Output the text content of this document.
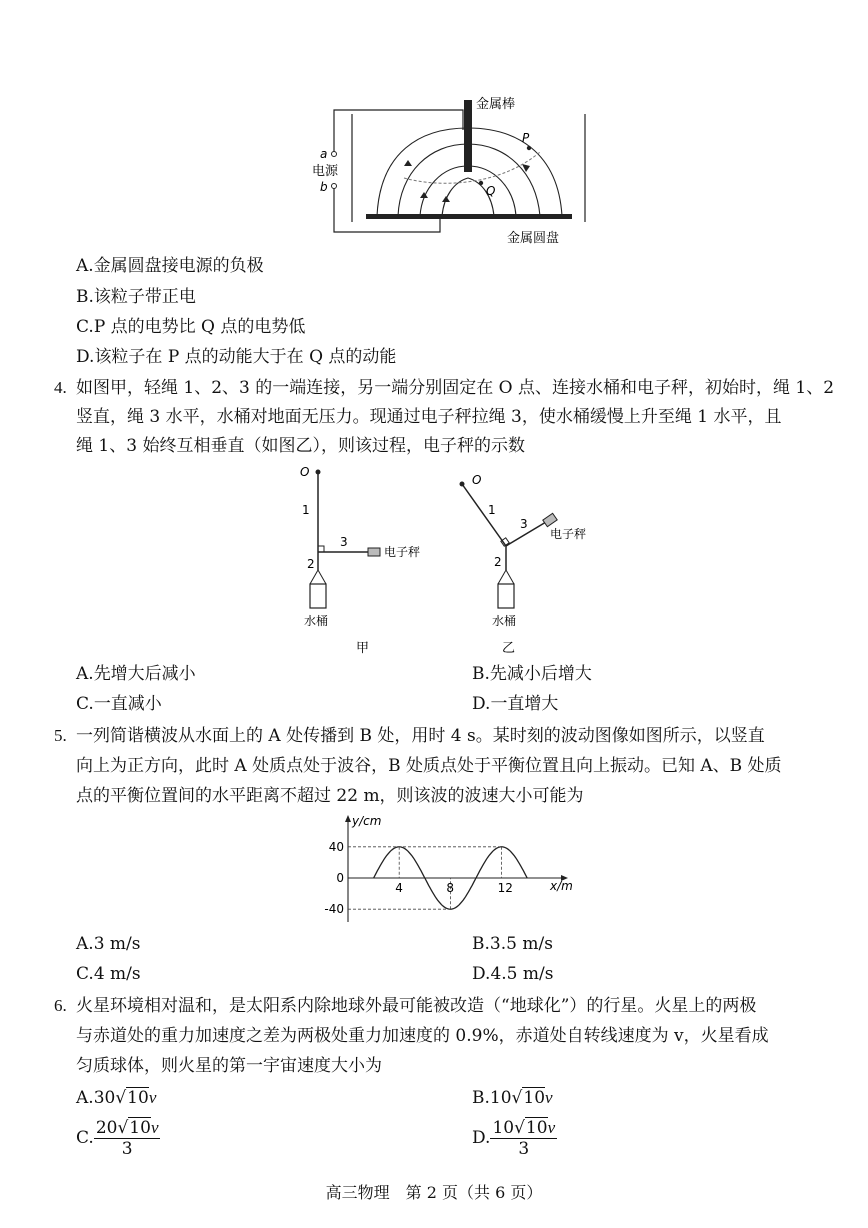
a
电源
b
金属棒
P
Q
金属圆盘
A.金属圆盘接电源的负极
B.该粒子带正电
C.P 点的电势比 Q 点的电势低
D.该粒子在 P 点的动能大于在 Q 点的动能
4. 如图甲，轻绳 1、2、3 的一端连接，另一端分别固定在 O 点、连接水桶和电子秤，初始时，绳 1、2
竖直，绳 3 水平，水桶对地面无压力。现通过电子秤拉绳 3，使水桶缓慢上升至绳 1 水平，且
绳 1、3 始终互相垂直（如图乙），则该过程，电子秤的示数
O
1
3
2
电子秤
水桶
甲
O
1
3
2
电子秤
水桶
乙
A.先增大后减小	B.先减小后增大
C.一直减小	D.一直增大
5. 一列简谐横波从水面上的 A 处传播到 B 处，用时 4 s。某时刻的波动图像如图所示，以竖直
向上为正方向，此时 A 处质点处于波谷，B 处质点处于平衡位置且向上振动。已知 A、B 处质
点的平衡位置间的水平距离不超过 22 m，则该波的波速大小可能为
y/cm
x/m
4	8	12
40
0
-40
A.3 m/s	B.3.5 m/s
C.4 m/s	D.4.5 m/s
6. 火星环境相对温和，是太阳系内除地球外最可能被改造（“地球化”）的行星。火星上的两极
与赤道处的重力加速度之差为两极处重力加速度的 0.9%，赤道处自转线速度为 v，火星看成
匀质球体，则火星的第一宇宙速度大小为
A.30√10v	B.10√10v
C. $\frac{20√10v}{3}$	D. $\frac{10√10v}{3}$
高三物理　第 2 页（共 6 页）
